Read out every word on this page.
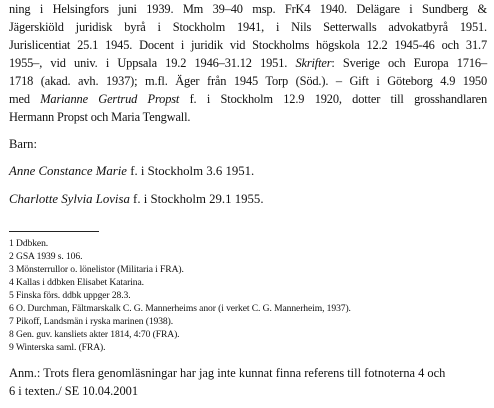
ning i Helsingfors juni 1939. Mm 39–40 msp. FrK4 1940. Delägare i Sundberg &
Jägerskiöld juridisk byrå i Stockholm 1941, i Nils Setterwalls advokatbyrå 1951.
Jurislicentiat 25.1 1945. Docent i juridik vid Stockholms högskola 12.2 1945-46 och 31.7
1955–, vid univ. i Uppsala 19.2 1946–31.12 1951. Skrifter: Sverige och Europa 1716–
1718 (akad. avh. 1937); m.fl. Äger från 1945 Torp (Söd.). – Gift i Göteborg 4.9 1950
med Marianne Gertrud Propst f. i Stockholm 12.9 1920, dotter till grosshandlaren
Hermann Propst och Maria Tengwall.
Barn:
Anne Constance Marie f. i Stockholm 3.6 1951.
Charlotte Sylvia Lovisa f. i Stockholm 29.1 1955.
1 Ddbken.
2 GSA 1939 s. 106.
3 Mönsterrullor o. lönelistor (Militaria i FRA).
4 Kallas i ddbken Elisabet Katarina.
5 Finska förs. ddbk uppger 28.3.
6 O. Durchman, Fältmarskalk C. G. Mannerheims anor (i verket C. G. Mannerheim, 1937).
7 Pikoff, Landsmän i ryska marinen (1938).
8 Gen. guv. kansliets akter 1814, 4:70 (FRA).
9 Winterska saml. (FRA).
Anm.: Trots flera genomläsningar har jag inte kunnat finna referens till fotnoterna 4 och
6 i texten./ SE 10.04.2001
